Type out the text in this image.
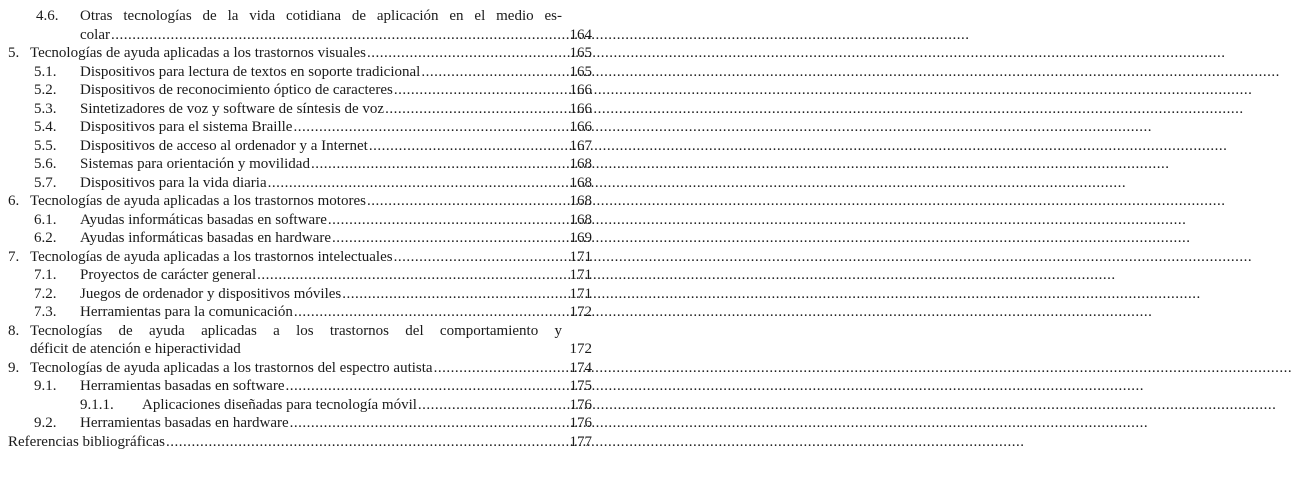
4.6.	Otras tecnologías de la vida cotidiana de aplicación en el medio es-
colar .....	164
5. Tecnologías de ayuda aplicadas a los trastornos visuales .....	165
5.1.	Dispositivos para lectura de textos en soporte tradicional .....	165
5.2.	Dispositivos de reconocimiento óptico de caracteres .....	166
5.3.	Sintetizadores de voz y software de síntesis de voz .....	166
5.4.	Dispositivos para el sistema Braille .....	166
5.5.	Dispositivos de acceso al ordenador y a Internet .....	167
5.6.	Sistemas para orientación y movilidad .....	168
5.7.	Dispositivos para la vida diaria .....	168
6. Tecnologías de ayuda aplicadas a los trastornos motores .....	168
6.1.	Ayudas informáticas basadas en software .....	168
6.2.	Ayudas informáticas basadas en hardware .....	169
7. Tecnologías de ayuda aplicadas a los trastornos intelectuales .....	171
7.1.	Proyectos de carácter general .....	171
7.2.	Juegos de ordenador y dispositivos móviles .....	171
7.3.	Herramientas para la comunicación .....	172
8. Tecnologías de ayuda aplicadas a los trastornos del comportamiento y
déficit de atención e hiperactividad	172
9. Tecnologías de ayuda aplicadas a los trastornos del espectro autista .....	174
9.1.	Herramientas basadas en software .....	175
9.1.1.	Aplicaciones diseñadas para tecnología móvil .....	176
9.2.	Herramientas basadas en hardware .....	176
Referencias bibliográficas .....	177
